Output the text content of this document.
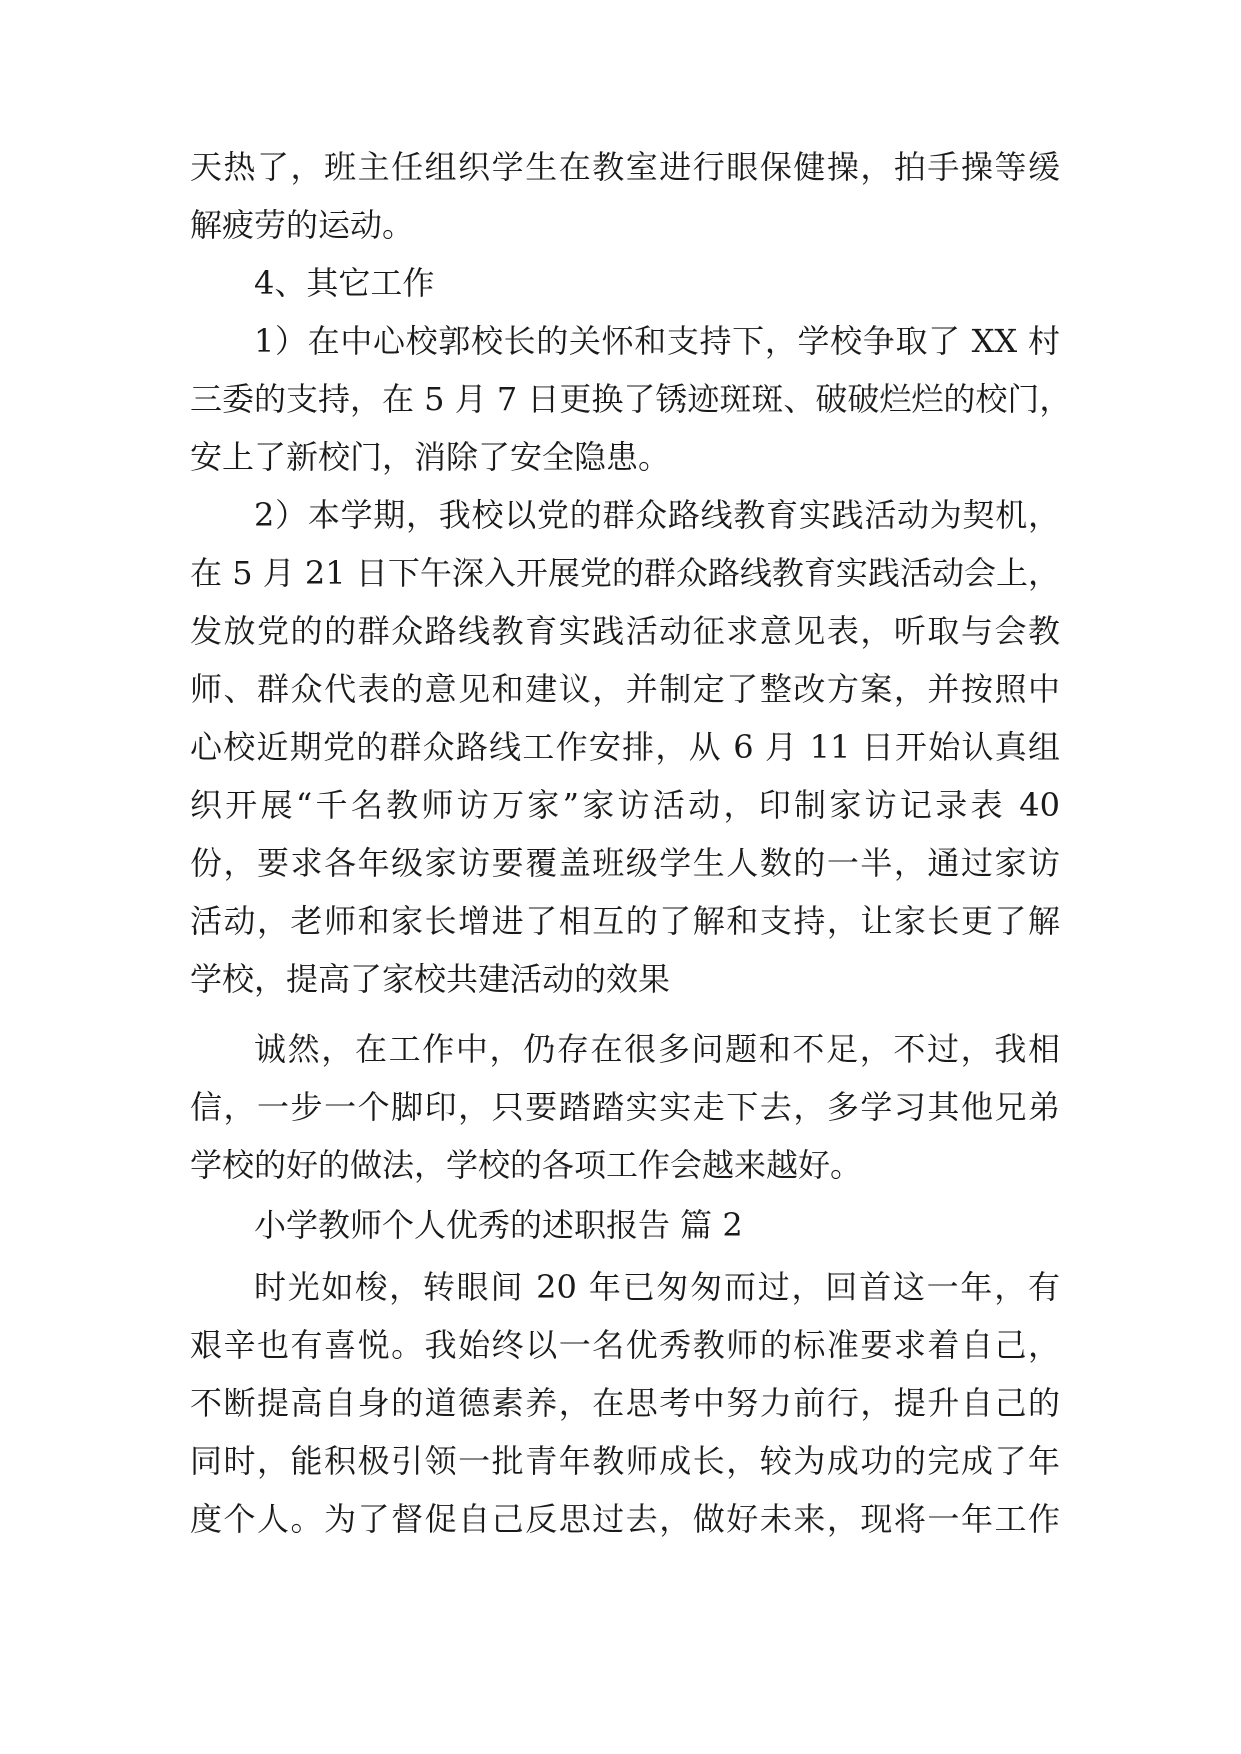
天热了，班主任组织学生在教室进行眼保健操，拍手操等缓
解疲劳的运动。
4、其它工作
1）在中心校郭校长的关怀和支持下，学校争取了 XX 村
三委的支持，在 5 月 7 日更换了锈迹斑斑、破破烂烂的校门，
安上了新校门，消除了安全隐患。
2）本学期，我校以党的群众路线教育实践活动为契机，
在 5 月 21 日下午深入开展党的群众路线教育实践活动会上，
发放党的的群众路线教育实践活动征求意见表，听取与会教
师、群众代表的意见和建议，并制定了整改方案，并按照中
心校近期党的群众路线工作安排，从 6 月 11 日开始认真组
织开展“千名教师访万家”家访活动，印制家访记录表 40
份，要求各年级家访要覆盖班级学生人数的一半，通过家访
活动，老师和家长增进了相互的了解和支持，让家长更了解
学校，提高了家校共建活动的效果
诚然，在工作中，仍存在很多问题和不足，不过，我相
信，一步一个脚印，只要踏踏实实走下去，多学习其他兄弟
学校的好的做法，学校的各项工作会越来越好。
小学教师个人优秀的述职报告 篇 2
时光如梭，转眼间 20 年已匆匆而过，回首这一年，有
艰辛也有喜悦。我始终以一名优秀教师的标准要求着自己，
不断提高自身的道德素养，在思考中努力前行，提升自己的
同时，能积极引领一批青年教师成长，较为成功的完成了年
度个人。为了督促自己反思过去，做好未来，现将一年工作
